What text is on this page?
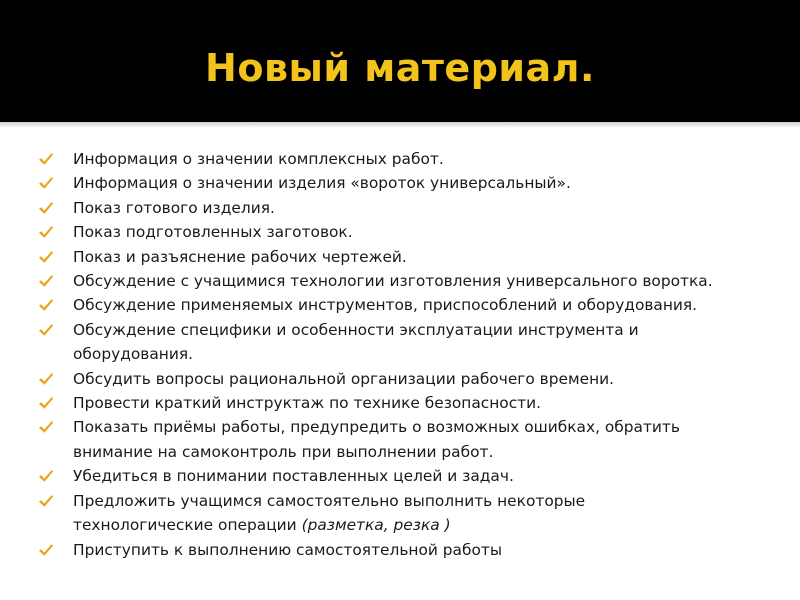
Новый материал.
Информация о значении комплексных работ.
Информация о значении изделия «вороток универсальный».
Показ готового изделия.
Показ подготовленных заготовок.
Показ и разъяснение рабочих чертежей.
Обсуждение с учащимися технологии изготовления универсального воротка.
Обсуждение применяемых инструментов, приспособлений и оборудования.
Обсуждение специфики и особенности эксплуатации инструмента и
оборудования.
Обсудить вопросы рациональной организации рабочего времени.
Провести краткий инструктаж по технике безопасности.
Показать приёмы работы, предупредить о возможных ошибках, обратить
внимание на самоконтроль при выполнении работ.
Убедиться в понимании поставленных целей и задач.
Предложить учащимся самостоятельно выполнить некоторые
технологические операции (разметка, резка )
Приступить к выполнению самостоятельной работы
